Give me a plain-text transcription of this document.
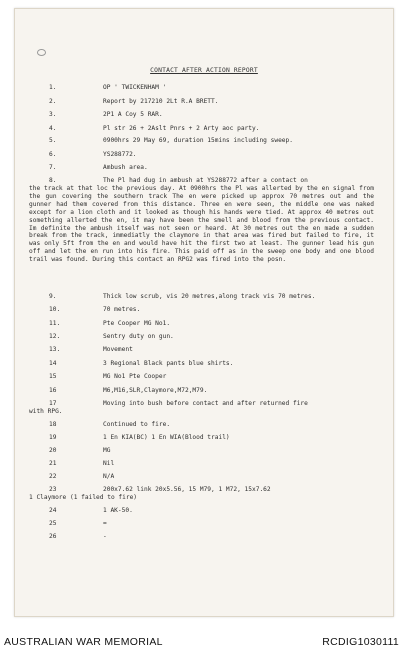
CONTACT AFTER ACTION REPORT
1.	OP ' TWICKENHAM '
2.	Report by 217210 2Lt R.A BRETT.
3.	2P1 A Coy 5 RAR.
4.	Pl str 26 + 2Aslt Pnrs + 2 Arty aoc party.
5.	0900hrs 29 May 69, duration 15mins including sweep.
6.	YS288772.
7.	Ambush area.
8.	The Pl had dug in ambush at YS288772 after a contact on
the track at that loc the previous day. At 0900hrs the Pl was allerted by the en signal from the gun covering the southern track The en were picked up approx 70 metres out and the gunner had them covered from this distance. Three en were seen, the middle one was naked except for a lion cloth and it looked as though his hands were tied. At approx 40 metres out something allerted the en, it may have been the smell and blood from the previous contact. Im definite the ambush itself was not seen or heard. At 30 metres out the en made a sudden break from the track, immediatly the claymore in that area was fired but failed to fire, it was only 5ft from the en and would have hit the first two at least. The gunner lead his gun off and let the en run into his fire. This paid off as in the sweep one body and one blood trail was found. During this contact an RPG2 was fired into the posn.
9.	Thick low scrub, vis 20 metres,along track vis 70 metres.
10.	70 metres.
11.	Pte Cooper MG No1.
12.	Sentry duty on gun.
13.	Movement
14	3 Regional Black pants blue shirts.
15	MG No1 Pte Cooper
16	M6,M16,SLR,Claymore,M72,M79.
17	Moving into bush before contact and after returned fire
with RPG.
18	Continued to fire.
19	1 En KIA(BC) 1 En WIA(Blood trail)
20	MG
21	Nil
22	N/A
23	200x7.62 link 20x5.56, 15 M79, 1 M72, 15x7.62
1 Claymore (1 failed to fire)
24	1 AK-50.
25	=
26	-
AUSTRALIAN WAR MEMORIAL	RCDIG1030111
